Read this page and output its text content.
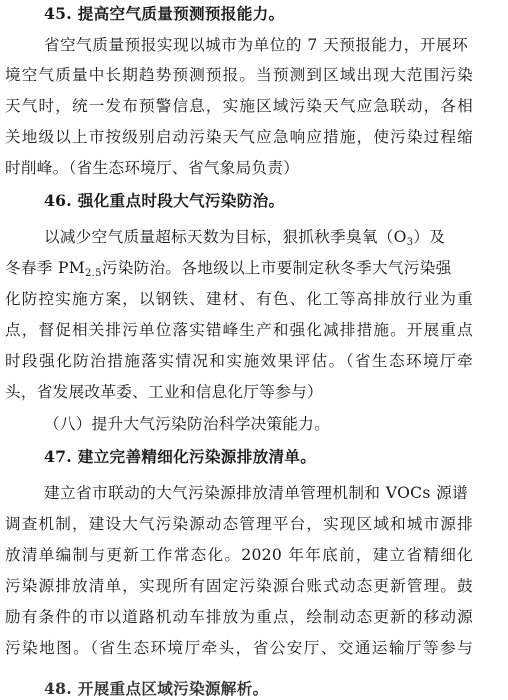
45. 提高空气质量预测预报能力。
省空气质量预报实现以城市为单位的 7 天预报能力，开展环
境空气质量中长期趋势预测预报。当预测到区域出现大范围污染
天气时，统一发布预警信息，实施区域污染天气应急联动，各相
关地级以上市按级别启动污染天气应急响应措施，使污染过程缩
时削峰。（省生态环境厅、省气象局负责）
46. 强化重点时段大气污染防治。
以减少空气质量超标天数为目标，狠抓秋季臭氧$(O_3)$及
冬春季 $PM_{2.5}$污染防治。各地级以上市要制定秋冬季大气污染强
化防控实施方案，以钢铁、建材、有色、化工等高排放行业为重
点，督促相关排污单位落实错峰生产和强化减排措施。开展重点
时段强化防治措施落实情况和实施效果评估。（省生态环境厅牵
头，省发展改革委、工业和信息化厅等参与）
（八）提升大气污染防治科学决策能力。
47. 建立完善精细化污染源排放清单。
建立省市联动的大气污染源排放清单管理机制和 VOCs 源谱
调查机制，建设大气污染源动态管理平台，实现区域和城市源排
放清单编制与更新工作常态化。2020 年年底前，建立省精细化
污染源排放清单，实现所有固定污染源台账式动态更新管理。鼓
励有条件的市以道路机动车排放为重点，绘制动态更新的移动源
污染地图。（省生态环境厅牵头，省公安厅、交通运输厅等参与
48. 开展重点区域污染源解析。
